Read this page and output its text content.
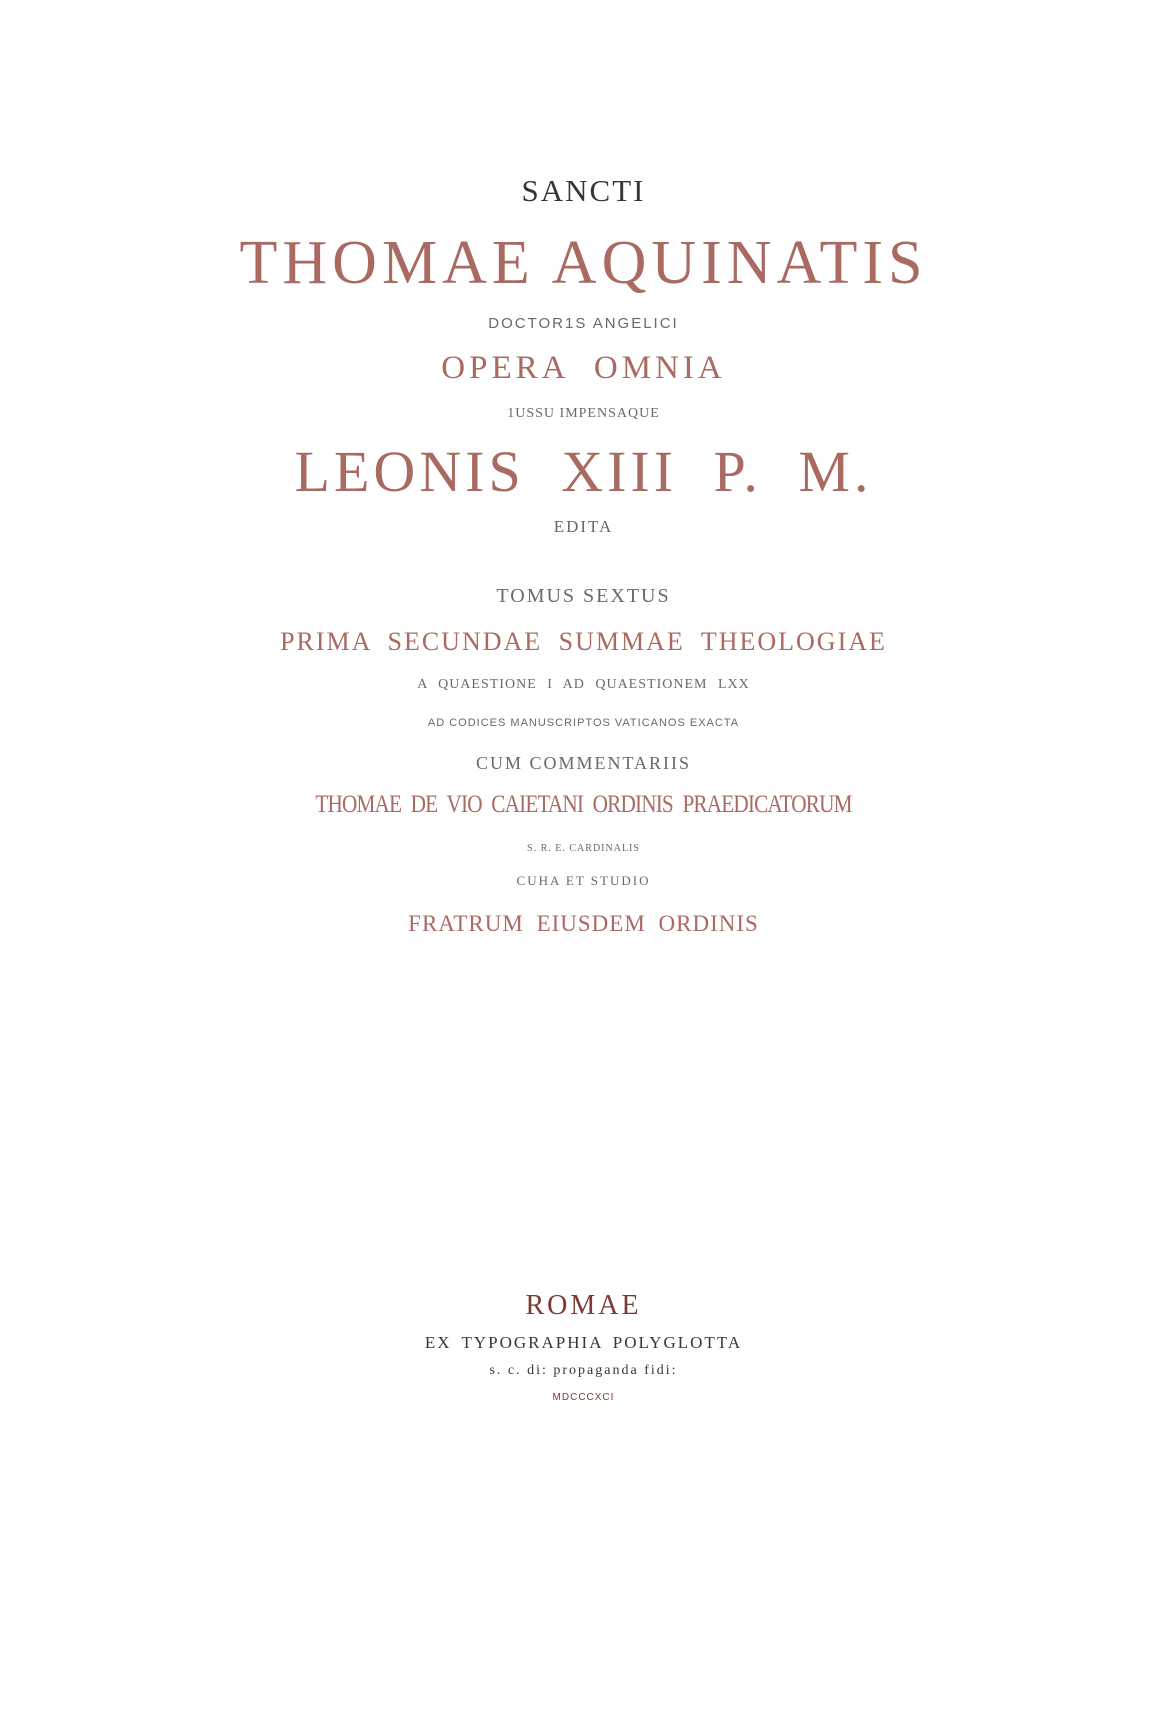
SANCTI
THOMAE AQUINATIS
DOCTOR1S ANGELICI
OPERA OMNIA
1USSU IMPENSAQUE
LEONIS XIII P. M.
EDITA
TOMUS SEXTUS
PRIMA SECUNDAE SUMMAE THEOLOGIAE
A QUAESTIONE I AD QUAESTIONEM LXX
AD CODICES MANUSCRIPTOS VATICANOS EXACTA
CUM COMMENTARIIS
THOMAE DE VIO CAIETANI ORDINIS PRAEDICATORUM
S. R. E. CARDINALIS
CUHA ET STUDIO
FRATRUM EIUSDEM ORDINIS
ROMAE
EX TYPOGRAPHIA POLYGLOTTA
s. c. di: propaganda fidi:
MDCCCXCI
